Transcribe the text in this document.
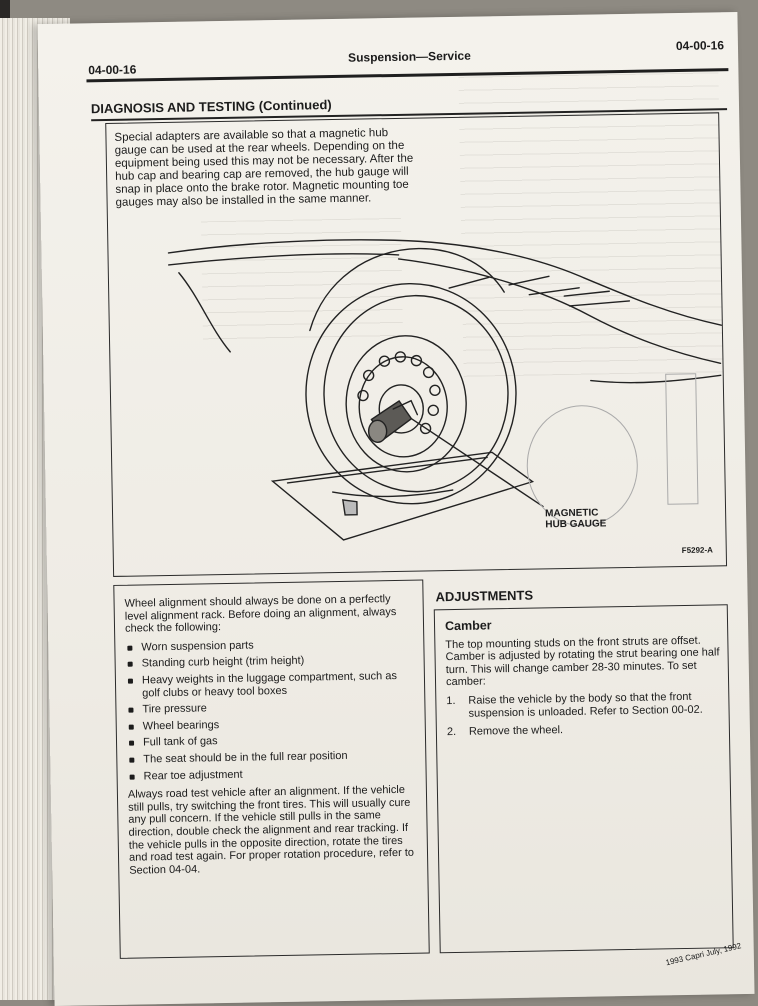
04-00-16
Suspension—Service
04-00-16
DIAGNOSIS AND TESTING (Continued)
Special adapters are available so that a magnetic hub gauge can be used at the rear wheels. Depending on the equipment being used this may not be necessary. After the hub cap and bearing cap are removed, the hub gauge will snap in place onto the brake rotor. Magnetic mounting toe gauges may also be installed in the same manner.
MAGNETIC
HUB GAUGE
F5292-A
Wheel alignment should always be done on a perfectly level alignment rack. Before doing an alignment, always check the following:
Worn suspension parts
Standing curb height (trim height)
Heavy weights in the luggage compartment, such as golf clubs or heavy tool boxes
Tire pressure
Wheel bearings
Full tank of gas
The seat should be in the full rear position
Rear toe adjustment
Always road test vehicle after an alignment. If the vehicle still pulls, try switching the front tires. This will usually cure any pull concern. If the vehicle still pulls in the same direction, double check the alignment and rear tracking. If the vehicle pulls in the opposite direction, rotate the tires and road test again. For proper rotation procedure, refer to Section 04-04.
ADJUSTMENTS
Camber
The top mounting studs on the front struts are offset. Camber is adjusted by rotating the strut bearing one half turn. This will change camber 28-30 minutes. To set camber:
1.	Raise the vehicle by the body so that the front suspension is unloaded. Refer to Section 00-02.
2.	Remove the wheel.
1993 Capri July, 1992
